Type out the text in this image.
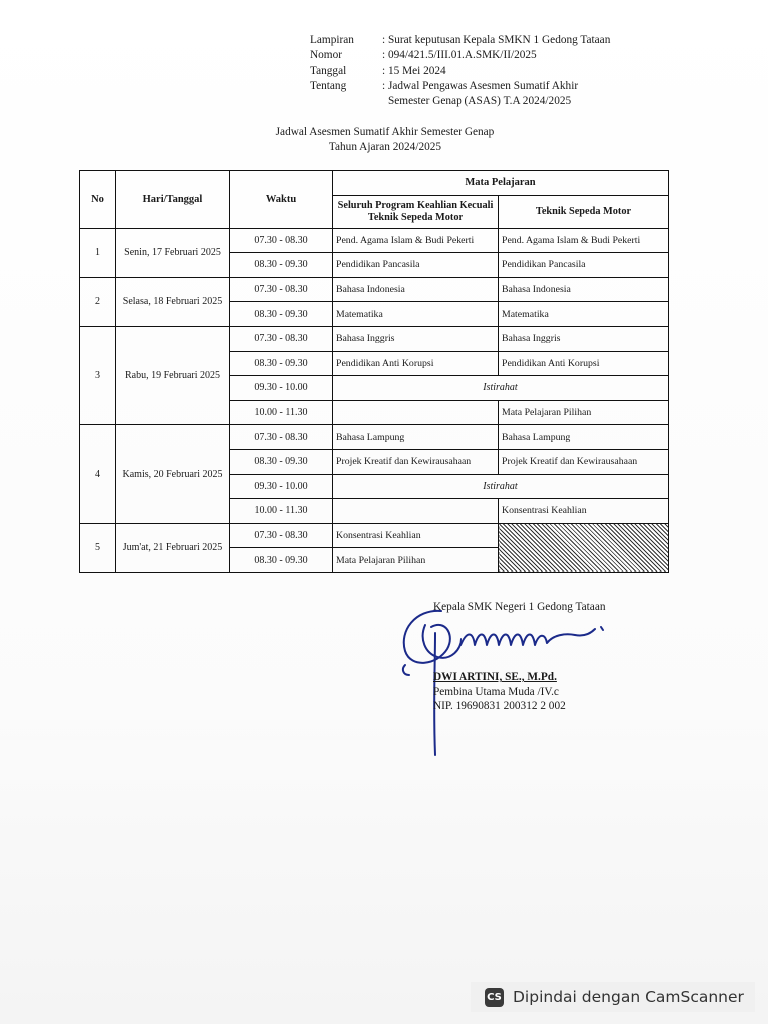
Lampiran	: Surat keputusan Kepala SMKN 1 Gedong Tataan
Nomor	: 094/421.5/III.01.A.SMK/II/2025
Tanggal	: 15 Mei 2024
Tentang	: Jadwal Pengawas Asesmen Sumatif Akhir
Semester Genap (ASAS) T.A 2024/2025
Jadwal Asesmen Sumatif Akhir Semester Genap
Tahun Ajaran 2024/2025
No	Hari/Tanggal	Waktu	Mata Pelajaran	
			Seluruh Program Keahlian Kecuali Teknik Sepeda Motor	Teknik Sepeda Motor
1	Senin, 17 Februari 2025	07.30 - 08.30	Pend. Agama Islam & Budi Pekerti	Pend. Agama Islam & Budi Pekerti
		08.30 - 09.30	Pendidikan Pancasila	Pendidikan Pancasila
2	Selasa, 18 Februari 2025	07.30 - 08.30	Bahasa Indonesia	Bahasa Indonesia
		08.30 - 09.30	Matematika	Matematika
3	Rabu, 19 Februari 2025	07.30 - 08.30	Bahasa Inggris	Bahasa Inggris
		08.30 - 09.30	Pendidikan Anti Korupsi	Pendidikan Anti Korupsi
		09.30 - 10.00	Istirahat	
		10.00 - 11.30		Mata Pelajaran Pilihan
4	Kamis, 20 Februari 2025	07.30 - 08.30	Bahasa Lampung	Bahasa Lampung
		08.30 - 09.30	Projek Kreatif dan Kewirausahaan	Projek Kreatif dan Kewirausahaan
		09.30 - 10.00	Istirahat	
		10.00 - 11.30		Konsentrasi Keahlian
5	Jum'at, 21 Februari 2025	07.30 - 08.30	Konsentrasi Keahlian	
		08.30 - 09.30	Mata Pelajaran Pilihan	
Kepala SMK Negeri 1 Gedong Tataan
DWI ARTINI, SE., M.Pd.
Pembina Utama Muda /IV.c
NIP. 19690831 200312 2 002
CS Dipindai dengan CamScanner
